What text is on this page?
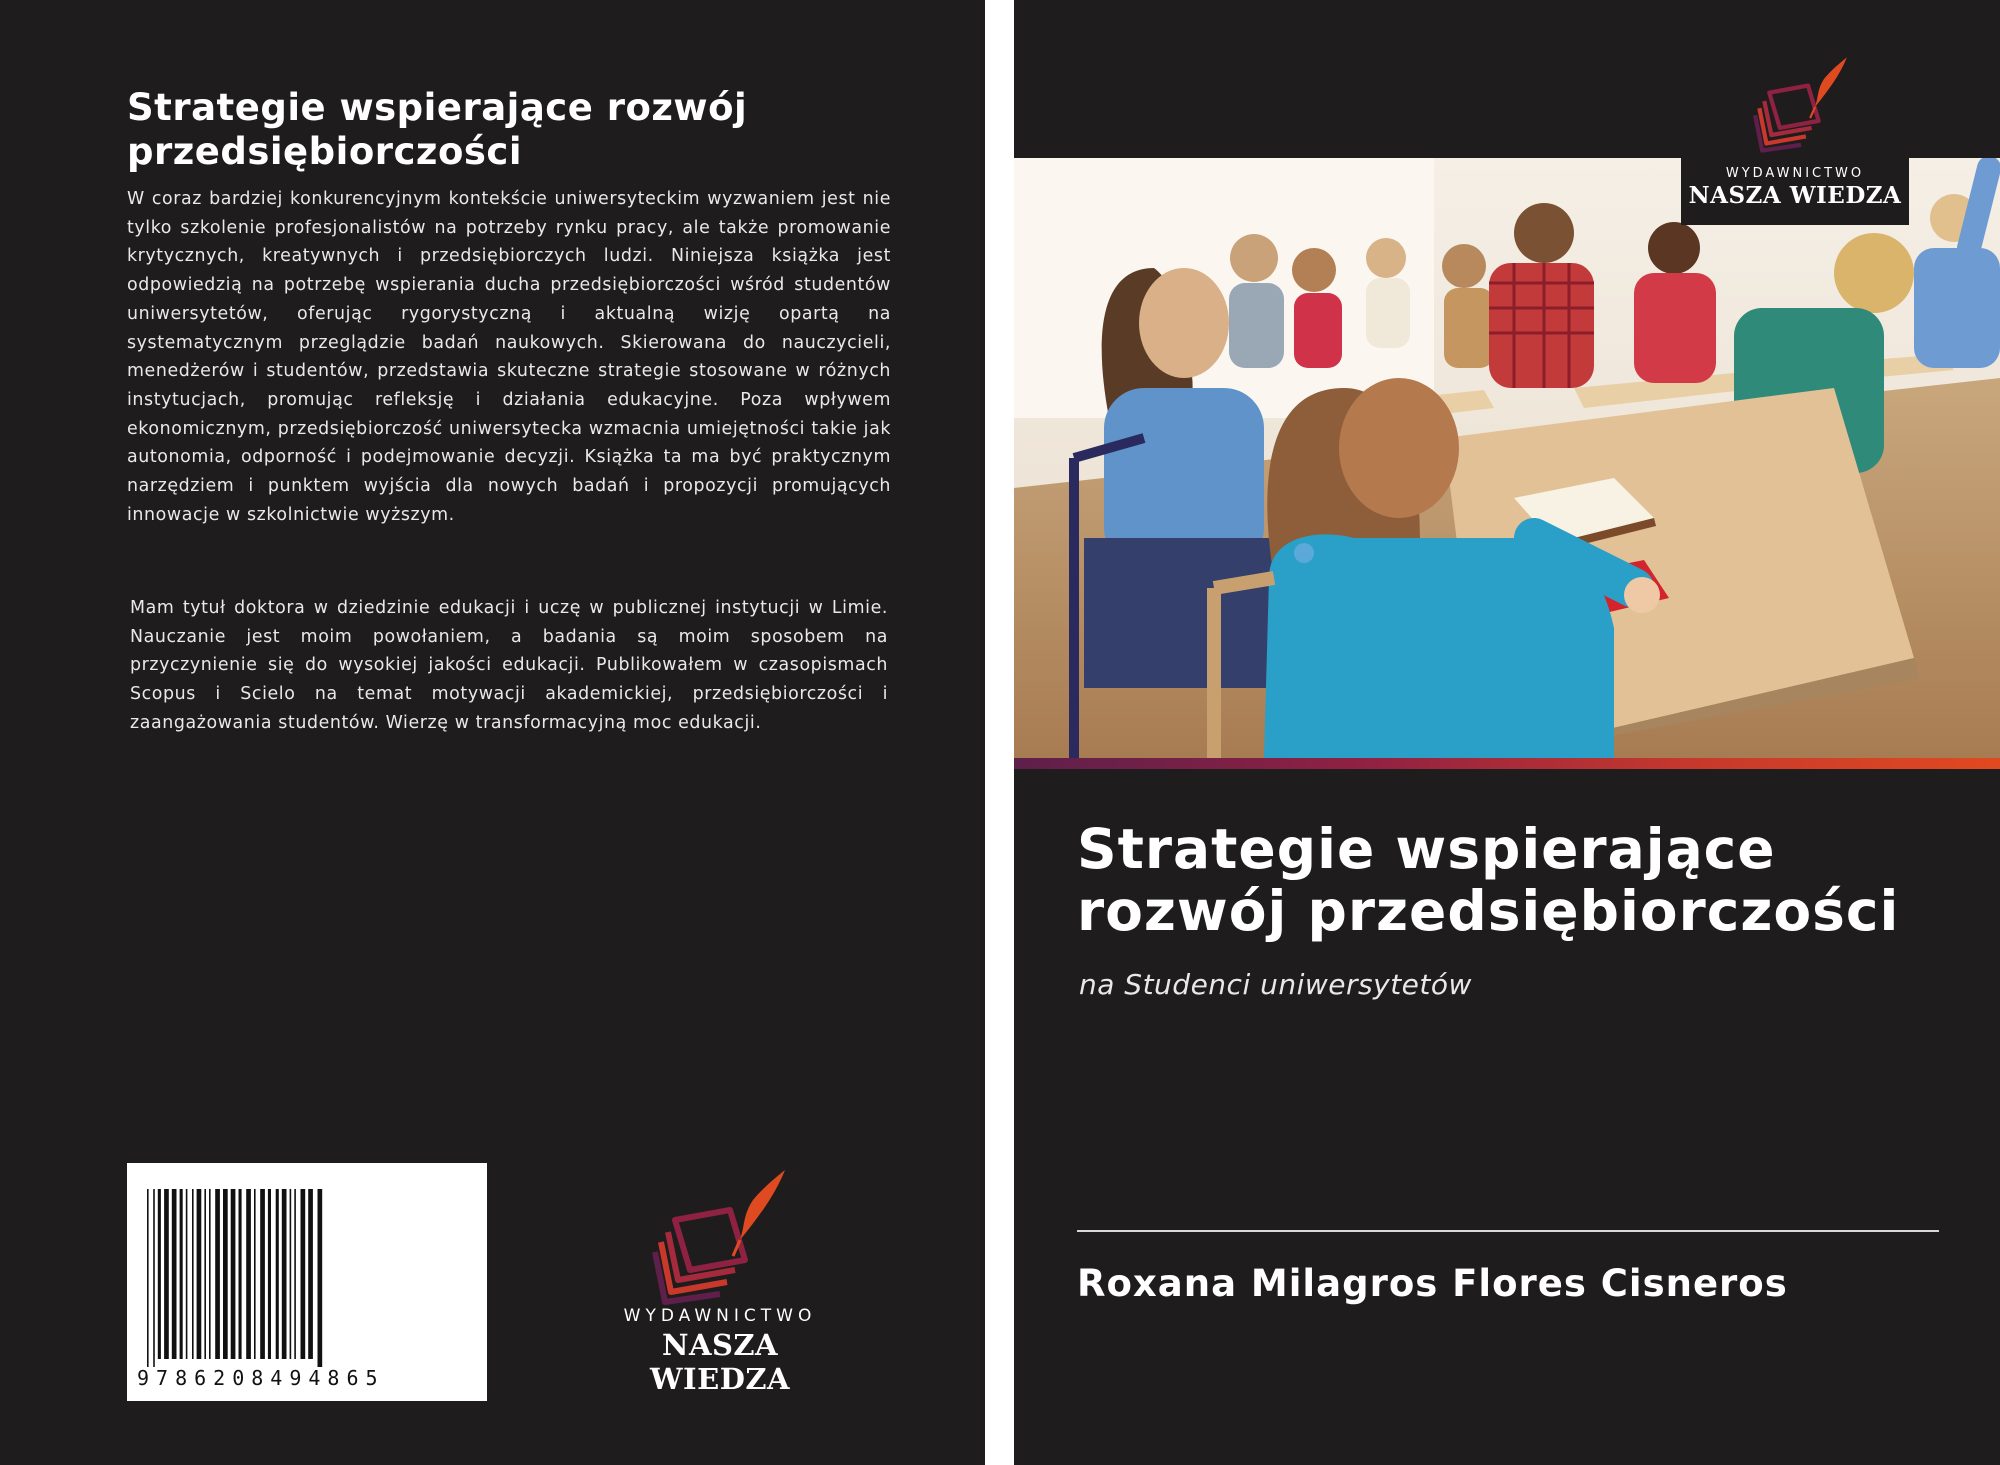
Strategie wspierające rozwój przedsiębiorczości

W coraz bardziej konkurencyjnym kontekście uniwersyteckim wyzwaniem jest nie tylko szkolenie profesjonalistów na potrzeby rynku pracy, ale także promowanie krytycznych, kreatywnych i przedsiębiorczych ludzi. Niniejsza książka jest odpowiedzią na potrzebę wspierania ducha przedsiębiorczości wśród studentów uniwersytetów, oferując rygorystyczną i aktualną wizję opartą na systematycznym przeglądzie badań naukowych. Skierowana do nauczycieli, menedżerów i studentów, przedstawia skuteczne strategie stosowane w różnych instytucjach, promując refleksję i działania edukacyjne. Poza wpływem ekonomicznym, przedsiębiorczość uniwersytecka wzmacnia umiejętności takie jak autonomia, odporność i podejmowanie decyzji. Książka ta ma być praktycznym narzędziem i punktem wyjścia dla nowych badań i propozycji promujących innowacje w szkolnictwie wyższym.

Mam tytuł doktora w dziedzinie edukacji i uczę w publicznej instytucji w Limie. Nauczanie jest moim powołaniem, a badania są moim sposobem na przyczynienie się do wysokiej jakości edukacji. Publikowałem w czasopismach Scopus i Scielo na temat motywacji akademickiej, przedsiębiorczości i zaangażowania studentów. Wierzę w transformacyjną moc edukacji.

9786208494865
WYDAWNICTWO
NASZA WIEDZA
WYDAWNICTWO
NASZA WIEDZA
Strategie wspierające rozwój przedsiębiorczości
na Studenci uniwersytetów
Roxana Milagros Flores Cisneros
